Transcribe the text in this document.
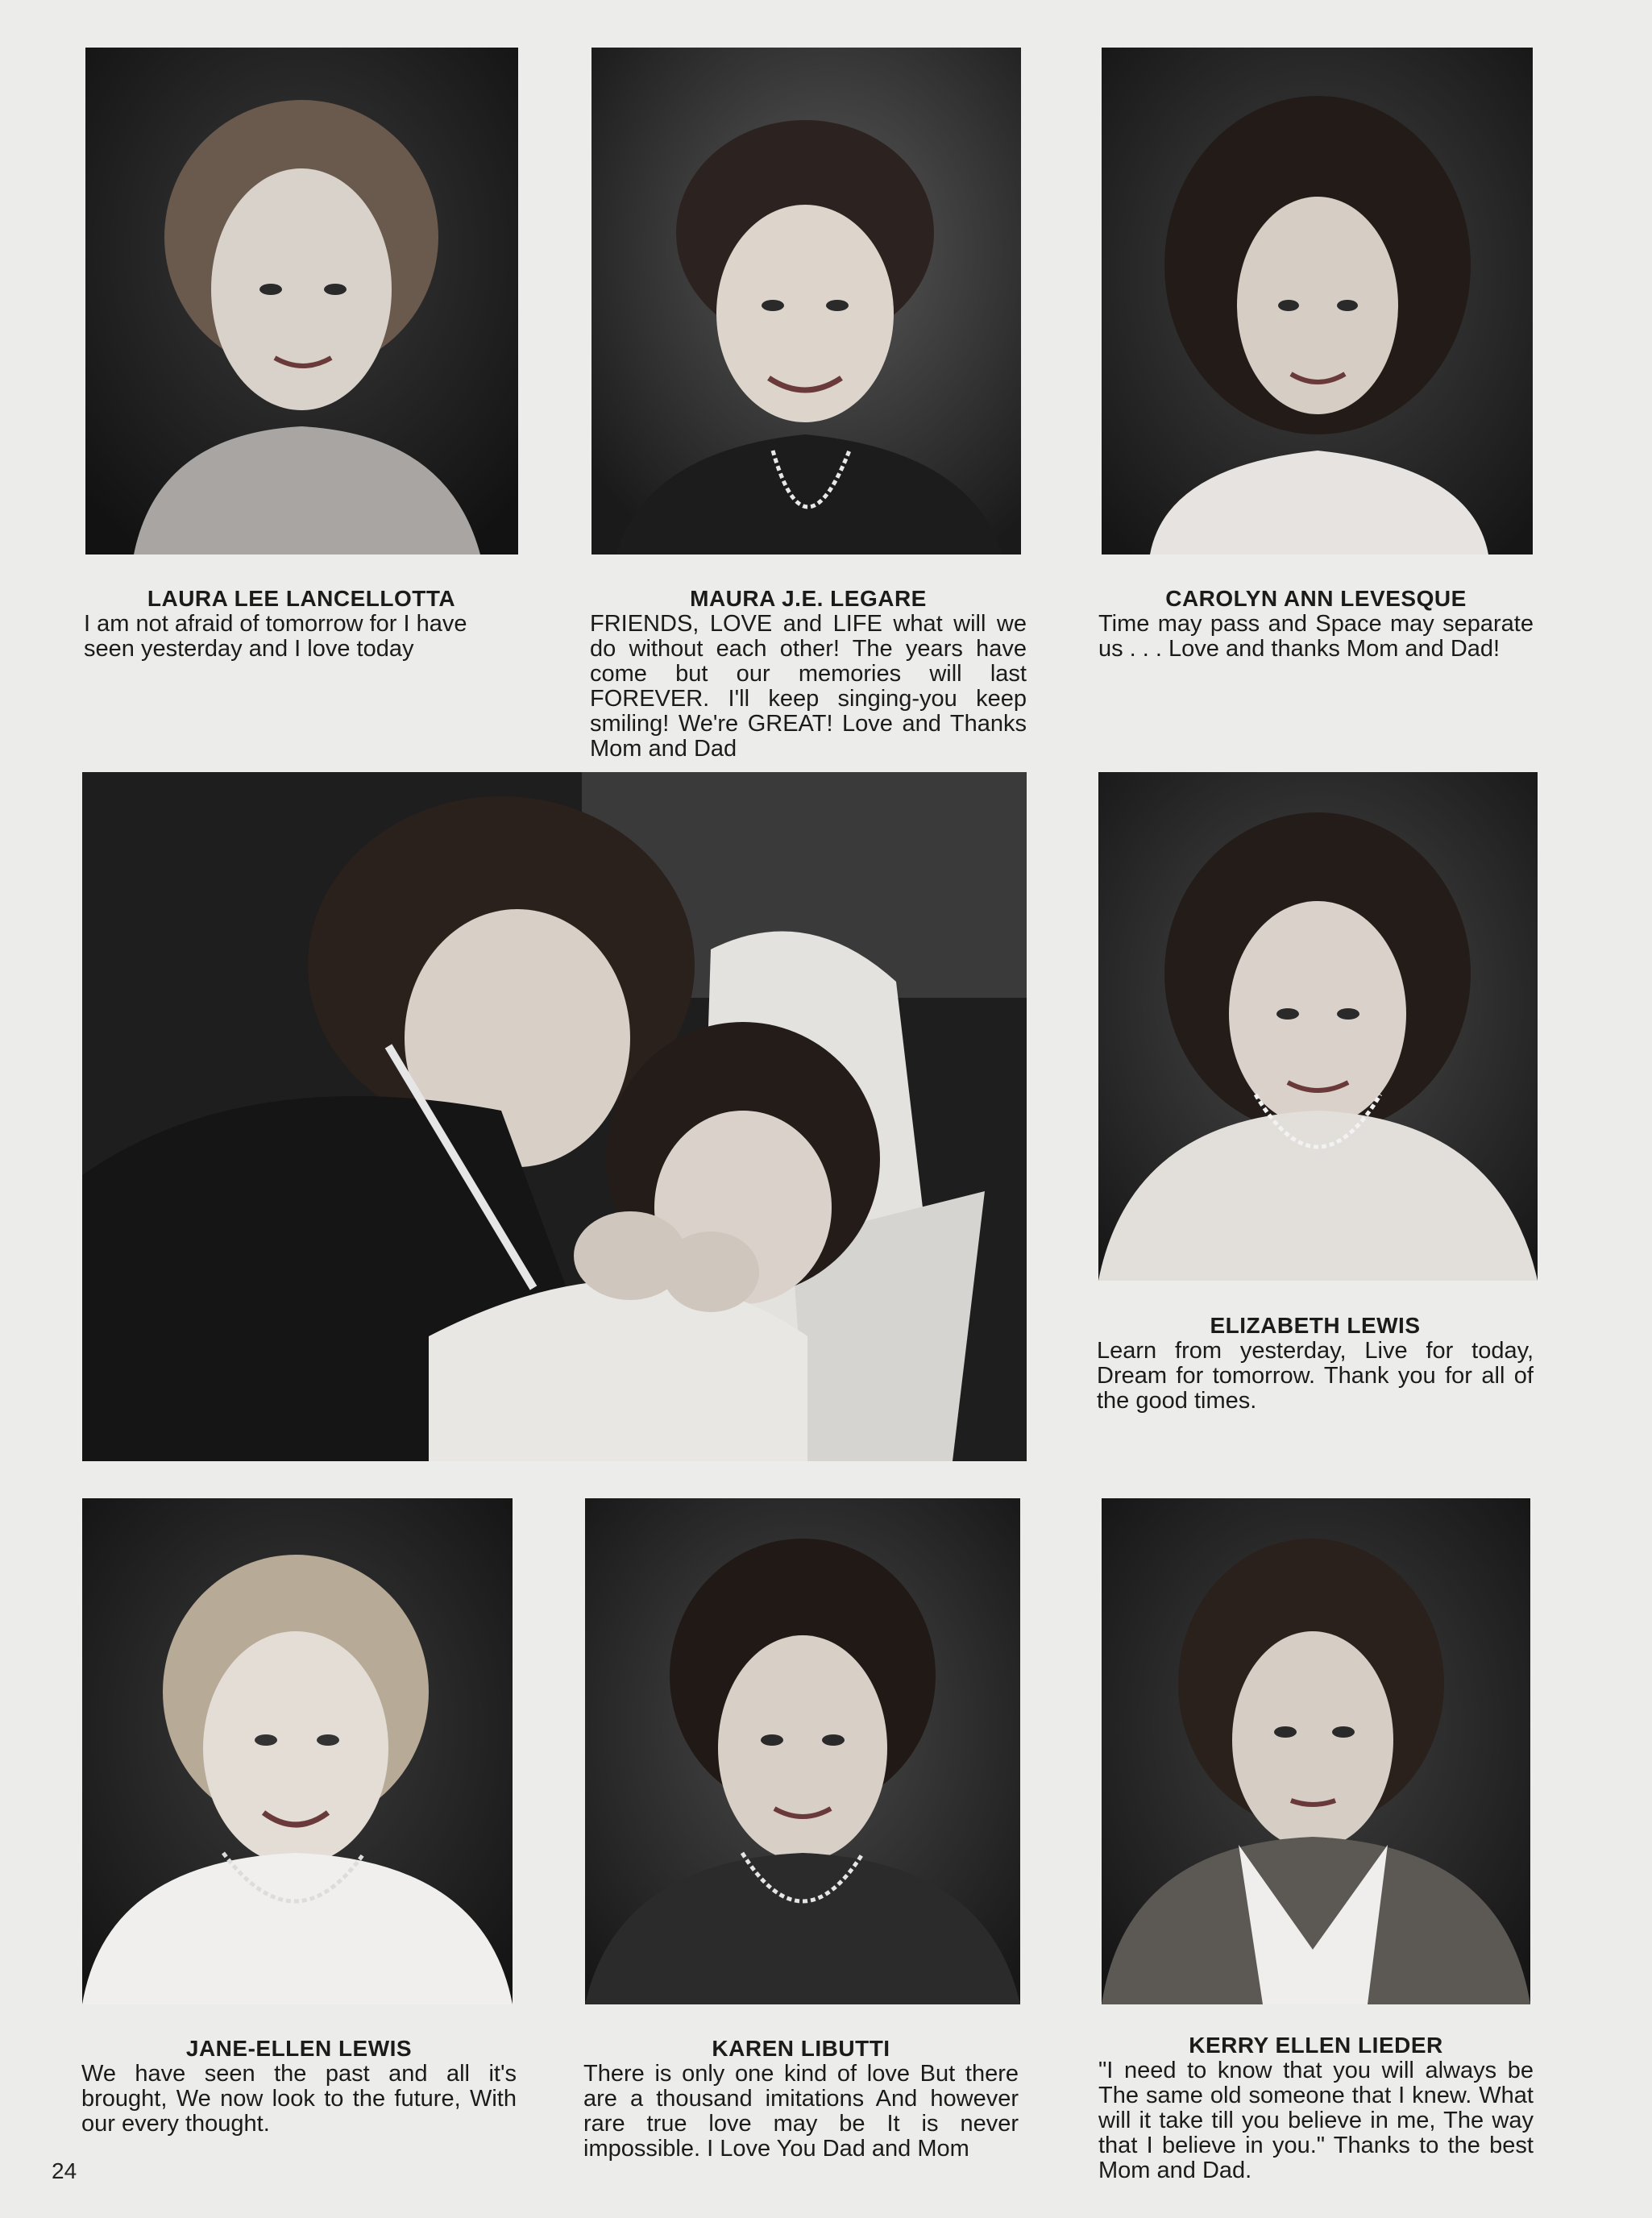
LAURA LEE LANCELLOTTA
I am not afraid of tomorrow for I have seen yesterday and I love today
MAURA J.E. LEGARE
FRIENDS, LOVE and LIFE what will we do without each other! The years have come but our memories will last FOREVER. I'll keep singing-you keep smiling! We're GREAT! Love and Thanks Mom and Dad
CAROLYN ANN LEVESQUE
Time may pass and Space may separate us . . . Love and thanks Mom and Dad!
ELIZABETH LEWIS
Learn from yesterday, Live for today, Dream for tomorrow. Thank you for all of the good times.
JANE-ELLEN LEWIS
We have seen the past and all it's brought, We now look to the future, With our every thought.
KAREN LIBUTTI
There is only one kind of love But there are a thousand imitations And however rare true love may be It is never impossible. I Love You Dad and Mom
KERRY ELLEN LIEDER
"I need to know that you will always be The same old someone that I knew. What will it take till you believe in me, The way that I believe in you." Thanks to the best Mom and Dad.
24
